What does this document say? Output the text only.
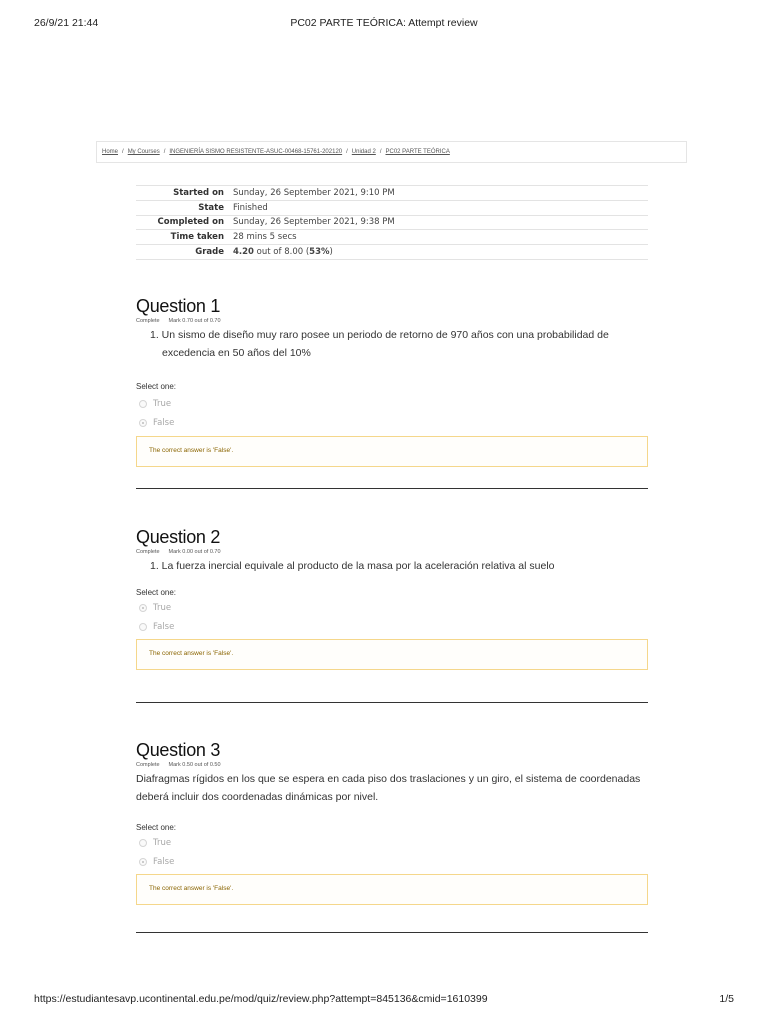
26/9/21 21:44	PC02 PARTE TEÓRICA: Attempt review
Home / My Courses / INGENIERÍA SISMO RESISTENTE-ASUC-00468-15761-202120 / Unidad 2 / PC02 PARTE TEÓRICA
Started on	Sunday, 26 September 2021, 9:10 PM
State	Finished
Completed on	Sunday, 26 September 2021, 9:38 PM
Time taken	28 mins 5 secs
Grade	4.20 out of 8.00 (53%)
Question 1
Complete Mark 0.70 out of 0.70

1. Un sismo de diseño muy raro posee un periodo de retorno de 970 años con una probabilidad de excedencia en 50 años del 10%

Select one:
True
False
The correct answer is 'False'.
Question 2
Complete Mark 0.00 out of 0.70

1. La fuerza inercial equivale al producto de la masa por la aceleración relativa al suelo

Select one:
True
False
The correct answer is 'False'.
Question 3
Complete Mark 0.50 out of 0.50

Diafragmas rígidos en los que se espera en cada piso dos traslaciones y un giro, el sistema de coordenadas deberá incluir dos coordenadas dinámicas por nivel.

Select one:
True
False
The correct answer is 'False'.
https://estudiantesavp.ucontinental.edu.pe/mod/quiz/review.php?attempt=845136&cmid=1610399	1/5
